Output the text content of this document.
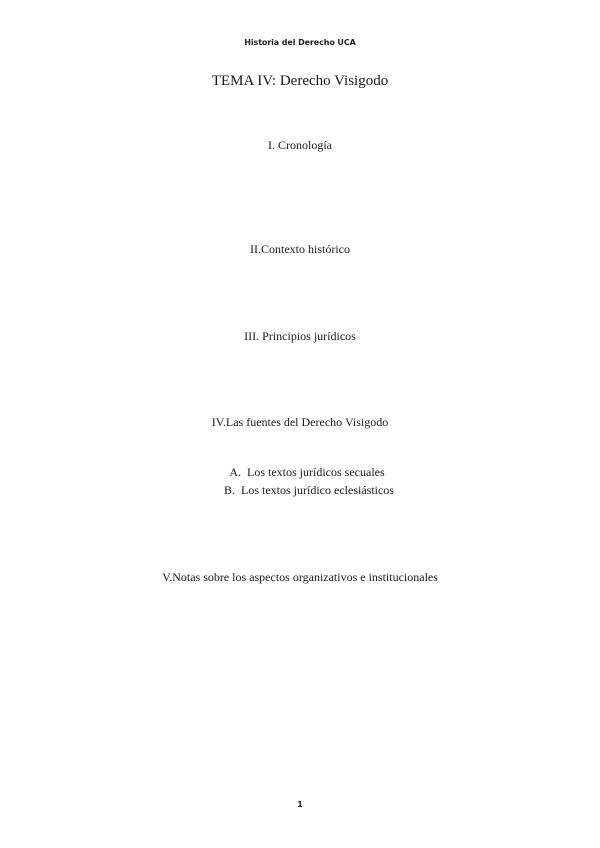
Historia del Derecho UCA
TEMA IV: Derecho Visigodo
I. Cronología
II.Contexto histórico
III. Principios jurídicos
IV.Las fuentes del Derecho Visigodo
A. Los textos jurídicos secuales
B. Los textos jurídico eclesiásticos
V.Notas sobre los aspectos organizativos e institucionales
1
